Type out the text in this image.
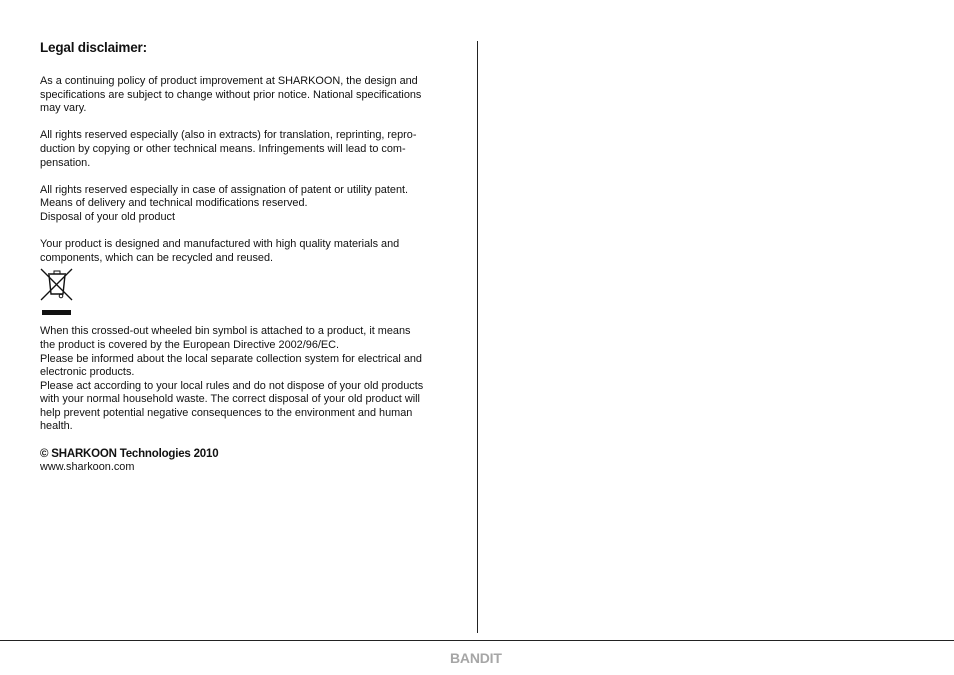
Legal disclaimer:

As a continuing policy of product improvement at SHARKOON, the design and
specifications are subject to change without prior notice. National specifications
may vary.

All rights reserved especially (also in extracts) for translation, reprinting, repro-
duction by copying or other technical means. Infringements will lead to com-
pensation.

All rights reserved especially in case of assignation of patent or utility patent.
Means of delivery and technical modifications reserved.
Disposal of your old product

Your product is designed and manufactured with high quality materials and
components, which can be recycled and reused.

When this crossed-out wheeled bin symbol is attached to a product, it means
the product is covered by the European Directive 2002/96/EC.
Please be informed about the local separate collection system for electrical and
electronic products.
Please act according to your local rules and do not dispose of your old products
with your normal household waste. The correct disposal of your old product will
help prevent potential negative consequences to the environment and human
health.

© SHARKOON Technologies 2010

www.sharkoon.com

BANDIT
